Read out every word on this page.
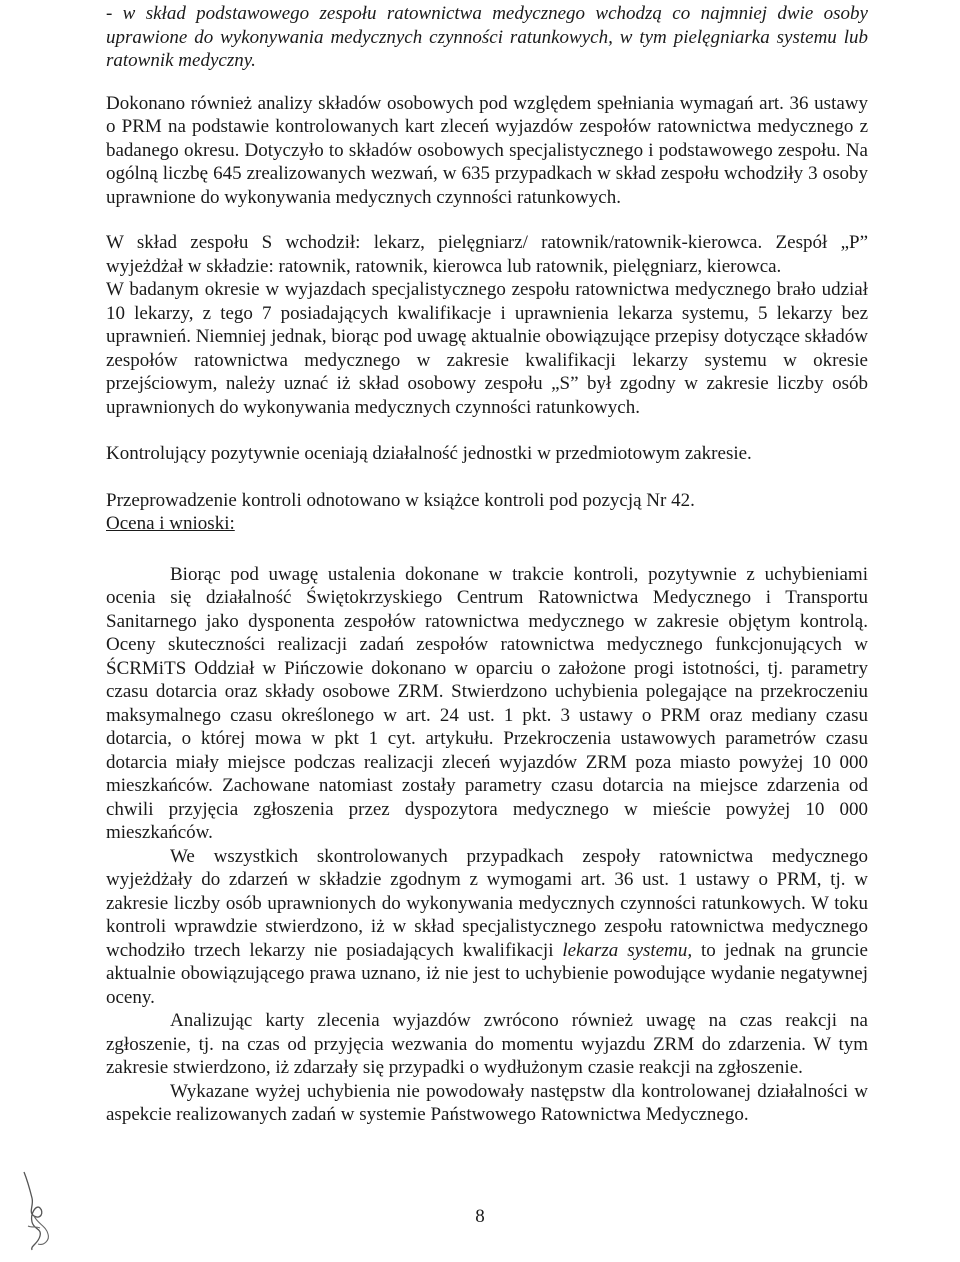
- w skład podstawowego zespołu ratownictwa medycznego wchodzą co najmniej dwie osoby uprawione do wykonywania medycznych czynności ratunkowych, w tym pielęgniarka systemu lub ratownik medyczny.

Dokonano również analizy składów osobowych pod względem spełniania wymagań art. 36 ustawy o PRM na podstawie kontrolowanych kart zleceń wyjazdów zespołów ratownictwa medycznego z badanego okresu. Dotyczyło to składów osobowych specjalistycznego i podstawowego zespołu. Na ogólną liczbę 645 zrealizowanych wezwań, w 635 przypadkach w skład zespołu wchodziły 3 osoby uprawnione do wykonywania medycznych czynności ratunkowych.

W skład zespołu S wchodził: lekarz, pielęgniarz/ ratownik/ratownik-kierowca. Zespół „P” wyjeżdżał w składzie: ratownik, ratownik, kierowca lub ratownik, pielęgniarz, kierowca.

W badanym okresie w wyjazdach specjalistycznego zespołu ratownictwa medycznego brało udział 10 lekarzy, z tego 7 posiadających kwalifikacje i uprawnienia lekarza systemu, 5 lekarzy bez uprawnień. Niemniej jednak, biorąc pod uwagę aktualnie obowiązujące przepisy dotyczące składów zespołów ratownictwa medycznego w zakresie kwalifikacji lekarzy systemu w okresie przejściowym, należy uznać iż skład osobowy zespołu „S” był zgodny w zakresie liczby osób uprawnionych do wykonywania medycznych czynności ratunkowych.

Kontrolujący pozytywnie oceniają działalność jednostki w przedmiotowym zakresie.

Przeprowadzenie kontroli odnotowano w książce kontroli pod pozycją Nr 42.

Ocena i wnioski:

Biorąc pod uwagę ustalenia dokonane w trakcie kontroli, pozytywnie z uchybieniami ocenia się działalność Świętokrzyskiego Centrum Ratownictwa Medycznego i Transportu Sanitarnego jako dysponenta zespołów ratownictwa medycznego w zakresie objętym kontrolą. Oceny skuteczności realizacji zadań zespołów ratownictwa medycznego funkcjonujących w ŚCRMiTS Oddział w Pińczowie dokonano w oparciu o założone progi istotności, tj. parametry czasu dotarcia oraz składy osobowe ZRM. Stwierdzono uchybienia polegające na przekroczeniu maksymalnego czasu określonego w art. 24 ust. 1 pkt. 3 ustawy o PRM oraz mediany czasu dotarcia, o której mowa w pkt 1 cyt. artykułu. Przekroczenia ustawowych parametrów czasu dotarcia miały miejsce podczas realizacji zleceń wyjazdów ZRM poza miasto powyżej 10 000 mieszkańców. Zachowane natomiast zostały parametry czasu dotarcia na miejsce zdarzenia od chwili przyjęcia zgłoszenia przez dyspozytora medycznego w mieście powyżej 10 000 mieszkańców.

We wszystkich skontrolowanych przypadkach zespoły ratownictwa medycznego wyjeżdżały do zdarzeń w składzie zgodnym z wymogami art. 36 ust. 1 ustawy o PRM, tj. w zakresie liczby osób uprawnionych do wykonywania medycznych czynności ratunkowych. W toku kontroli wprawdzie stwierdzono, iż w skład specjalistycznego zespołu ratownictwa medycznego wchodziło trzech lekarzy nie posiadających kwalifikacji lekarza systemu, to jednak na gruncie aktualnie obowiązującego prawa uznano, iż nie jest to uchybienie powodujące wydanie negatywnej oceny.

Analizując karty zlecenia wyjazdów zwrócono również uwagę na czas reakcji na zgłoszenie, tj. na czas od przyjęcia wezwania do momentu wyjazdu ZRM do zdarzenia. W tym zakresie stwierdzono, iż zdarzały się przypadki o wydłużonym czasie reakcji na zgłoszenie.

Wykazane wyżej uchybienia nie powodowały następstw dla kontrolowanej działalności w aspekcie realizowanych zadań w systemie Państwowego Ratownictwa Medycznego.

8
